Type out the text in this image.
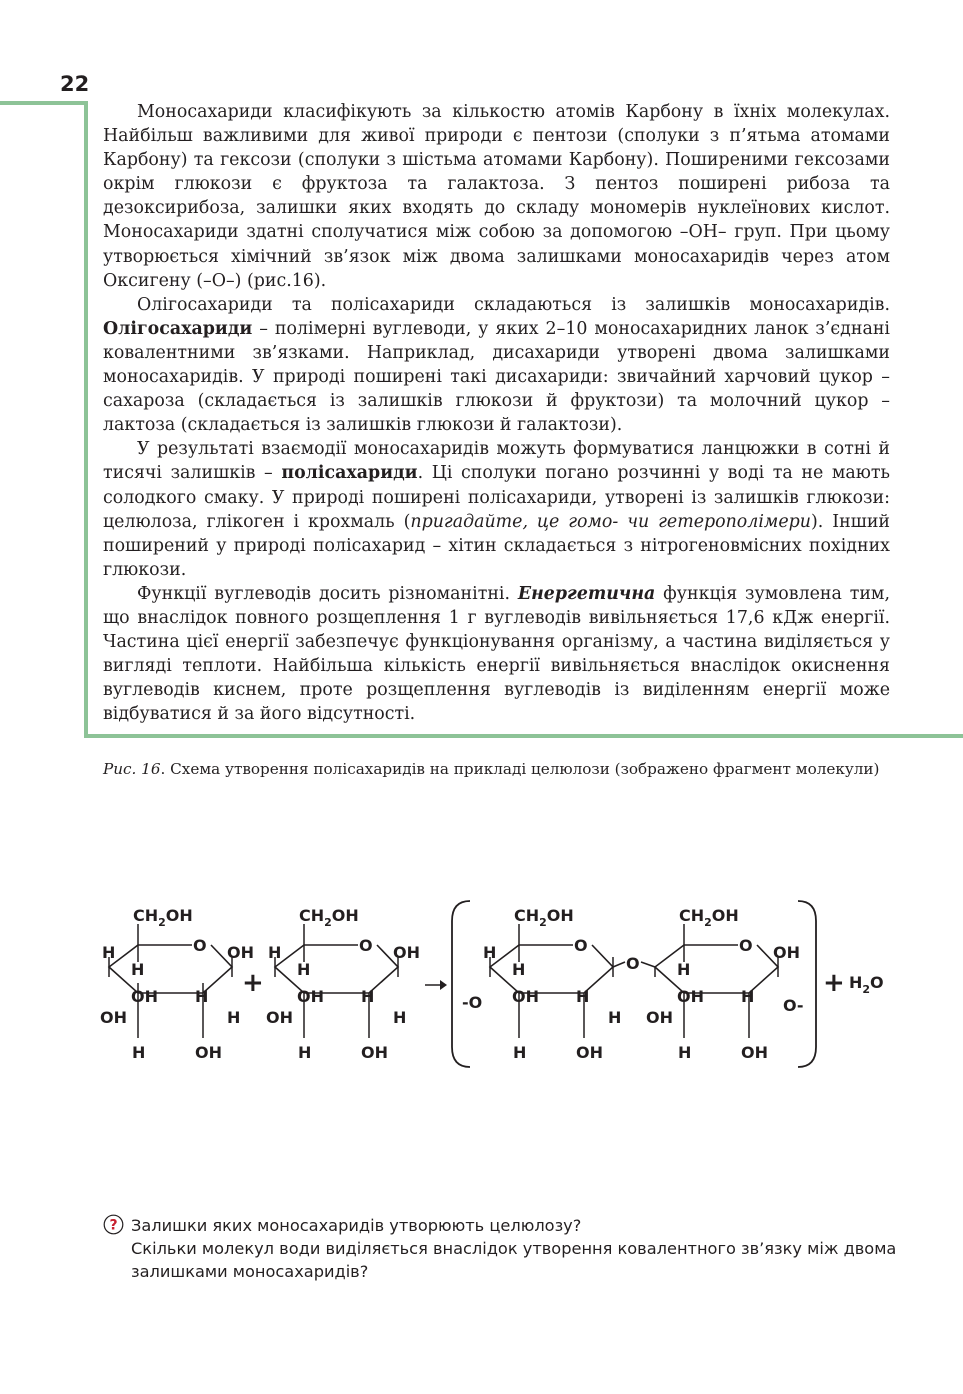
22

Моносахариди класифікують за кількостю атомів Карбону в їхніх молекулах. Найбільш важливими для живої природи є пентози (сполуки з п’ятьма атомами Карбону) та гексози (сполуки з шістьма атомами Карбону). Поширеними гексозами окрім глюкози є фруктоза та галактоза. З пентоз поширені рибоза та дезоксирибоза, залишки яких входять до складу мономерів нуклеїнових кислот. Моносахариди здатні сполучатися між собою за допомогою –OH– груп. При цьому утворюється хімічний зв’язок між двома залишками моносахаридів через атом Оксигену (–O–) (рис.16).

Олігосахариди та полісахариди складаються із залишків моносахаридів. Олігосахариди – полімерні вуглеводи, у яких 2–10 моносахаридних ланок з’єднані ковалентними зв’язками. Наприклад, дисахариди утворені двома залишками моносахаридів. У природі поширені такі дисахариди: звичайний харчовий цукор – сахароза (складається із залишків глюкози й фруктози) та молочний цукор – лактоза (складається із залишків глюкози й галактози).

У результаті взаємодії моносахаридів можуть формуватися ланцюжки в сотні й тисячі залишків – полісахариди. Ці сполуки погано розчинні у воді та не мають солодкого смаку. У природі поширені полісахариди, утворені із залишків глюкози: целюлоза, глікоген і крохмаль (пригадайте, це гомо- чи гетерополімери). Інший поширений у природі полісахарид – хітин складається з нітрогеновмісних похідних глюкози.

Функції вуглеводів досить різноманітні. Енергетична функція зумовлена тим, що внаслідок повного розщеплення 1 г вуглеводів вивільняється 17,6 кДж енергії. Частина цієї енергії забезпечує функціонування організму, а частина виділяється у вигляді теплоти. Найбільша кількість енергії вивільняється внаслідок окиснення вуглеводів киснем, проте розщеплення вуглеводів із виділенням енергії може відбуватися й за його відсутності.

Рис. 16. Схема утворення полісахаридів на прикладі целюлози (зображено фрагмент молекули)
$CH_2OH$
O
H
H
OH
OH H
OH	H
H	OH
+
$CH_2OH$
O
H
H
OH
OH H
OH	H
H	OH
$CH_2OH$
O
H
H
OH H
-O
H
H	OH
O
$CH_2OH$
O
H
OH
OH H O-
OH
H	OH
+ $H_2O$
? Залишки яких моносахаридів утворюють целюлозу?
Скільки молекул води виділяється внаслідок утворення ковалентного зв’язку між двома залишками моносахаридів?
